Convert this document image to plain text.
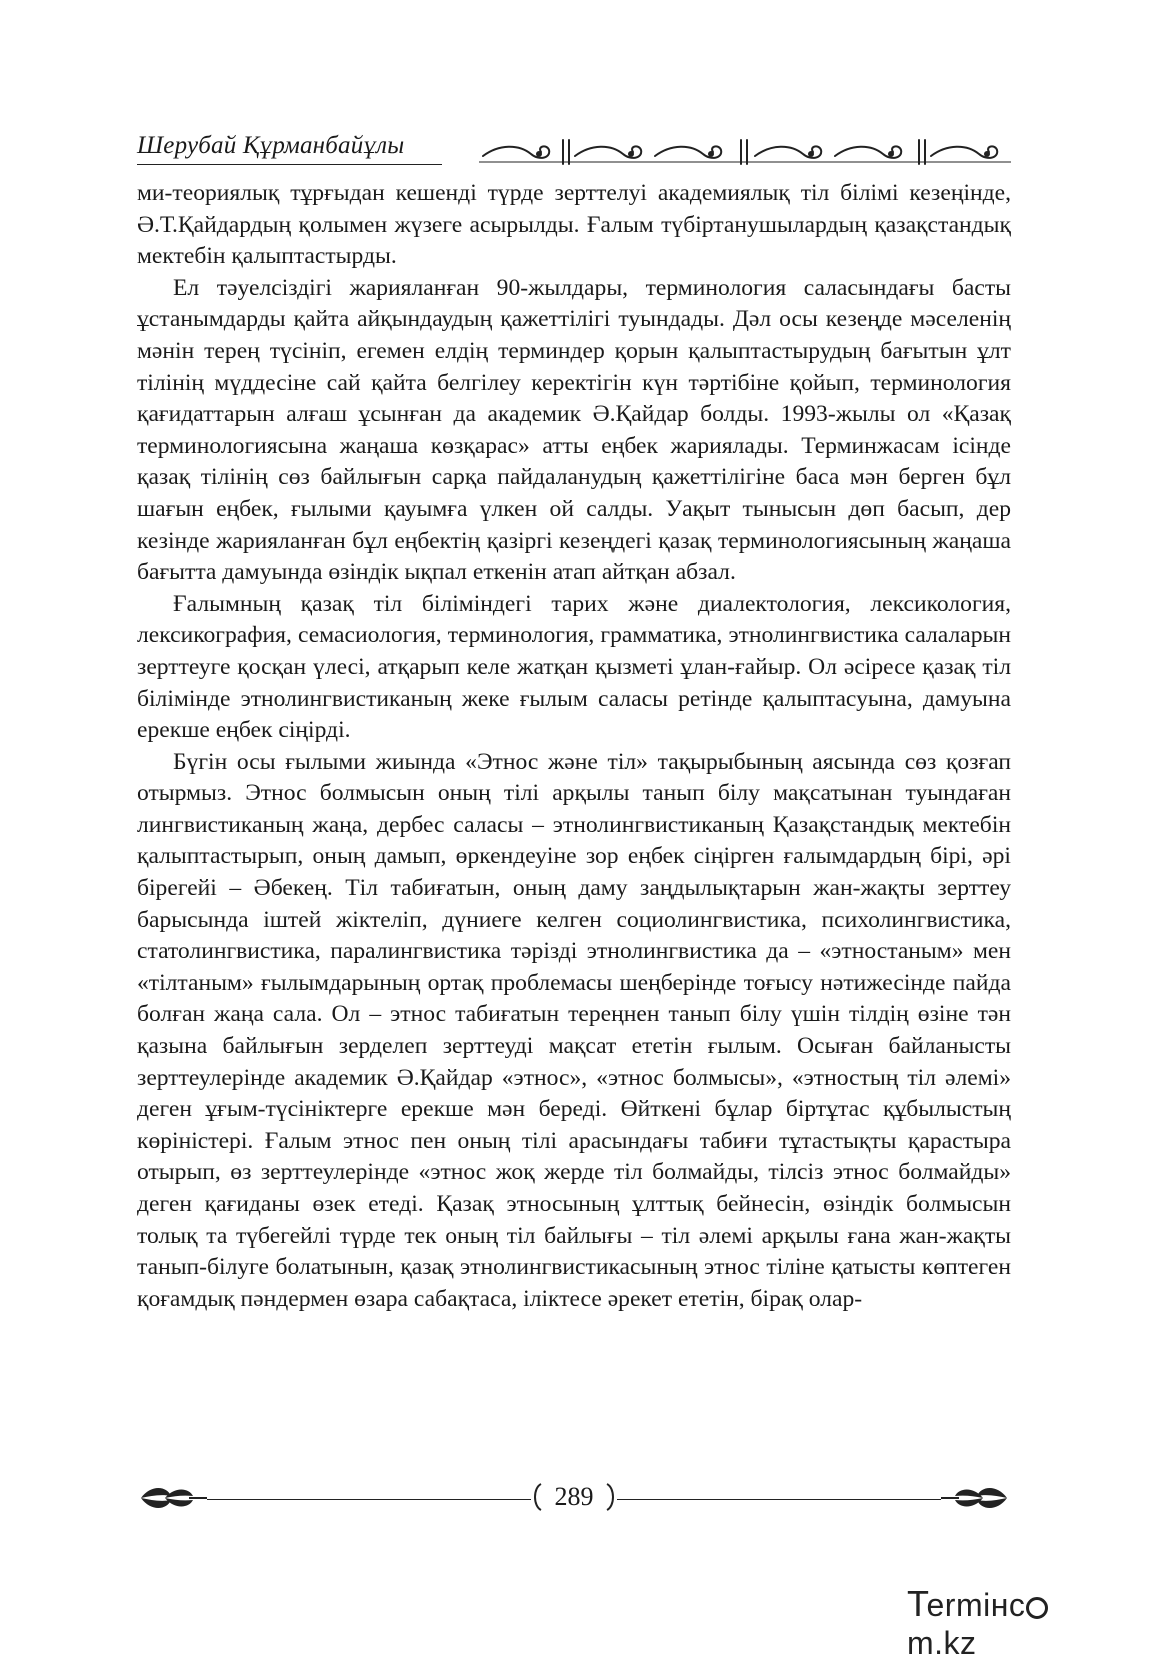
Шерубай Құрманбайұлы

ми-теориялық тұрғыдан кешенді түрде зерттелуі академиялық тіл білімі кезеңінде, Ә.Т.Қайдардың қолымен жүзеге асырылды. Ғалым түбіртанушылардың қазақстандық мектебін қалыптастырды.

Ел тәуелсіздігі жарияланған 90-жылдары, терминология саласындағы басты ұстанымдарды қайта айқындаудың қажеттілігі туындады. Дәл осы кезеңде мәселенің мәнін терең түсініп, егемен елдің терминдер қорын қалыптастырудың бағытын ұлт тілінің мүддесіне сай қайта белгілеу керектігін күн тәртібіне қойып, терминология қағидаттарын алғаш ұсынған да академик Ә.Қайдар болды. 1993-жылы ол «Қазақ терминологиясына жаңаша көзқарас» атты еңбек жариялады. Терминжасам ісінде қазақ тілінің сөз байлығын сарқа пайдаланудың қажеттілігіне баса мән берген бұл шағын еңбек, ғылыми қауымға үлкен ой салды. Уақыт тынысын дөп басып, дер кезінде жарияланған бұл еңбектің қазіргі кезеңдегі қазақ терминологиясының жаңаша бағытта дамуында өзіндік ықпал еткенін атап айтқан абзал.

Ғалымның қазақ тіл біліміндегі тарих және диалектология, лексикология, лексикография, семасиология, терминология, грамматика, этнолингвистика салаларын зерттеуге қосқан үлесі, атқарып келе жатқан қызметі ұлан-ғайыр. Ол әсіресе қазақ тіл білімінде этнолингвистиканың жеке ғылым саласы ретінде қалыптасуына, дамуына ерекше еңбек сіңірді.

Бүгін осы ғылыми жиында «Этнос және тіл» тақырыбының аясында сөз қозғап отырмыз. Этнос болмысын оның тілі арқылы танып білу мақсатынан туындаған лингвистиканың жаңа, дербес саласы – этнолингвистиканың Қазақстандық мектебін қалыптастырып, оның дамып, өркендеуіне зор еңбек сіңірген ғалымдардың бірі, әрі бірегейі – Әбекең. Тіл табиғатын, оның даму заңдылықтарын жан-жақты зерттеу барысында іштей жіктеліп, дүниеге келген социолингвистика, психолингвистика, статолингвистика, паралингвистика тәрізді этнолингвистика да – «этностаным» мен «тілтаным» ғылымдарының ортақ проблемасы шеңберінде тоғысу нәтижесінде пайда болған жаңа сала. Ол – этнос табиғатын тереңнен танып білу үшін тілдің өзіне тән қазына байлығын зерделеп зерттеуді мақсат ететін ғылым. Осыған байланысты зерттеулерінде академик Ә.Қайдар «этнос», «этнос болмысы», «этностың тіл әлемі» деген ұғым-түсініктерге ерекше мән береді. Өйткені бұлар біртұтас құбылыстың көріністері. Ғалым этнос пен оның тілі арасындағы табиғи тұтастықты қарастыра отырып, өз зерттеулерінде «этнос жоқ жерде тіл болмайды, тілсіз этнос болмайды» деген қағиданы өзек етеді. Қазақ этносының ұлттық бейнесін, өзіндік болмысын толық та түбегейлі түрде тек оның тіл байлығы – тіл әлемі арқылы ғана жан-жақты танып-білуге болатынын, қазақ этнолингвистикасының этнос тіліне қатысты көптеген қоғамдық пәндермен өзара сабақтаса, іліктесе әрекет ететін, бірақ олар-

289
Termінcm.kz
